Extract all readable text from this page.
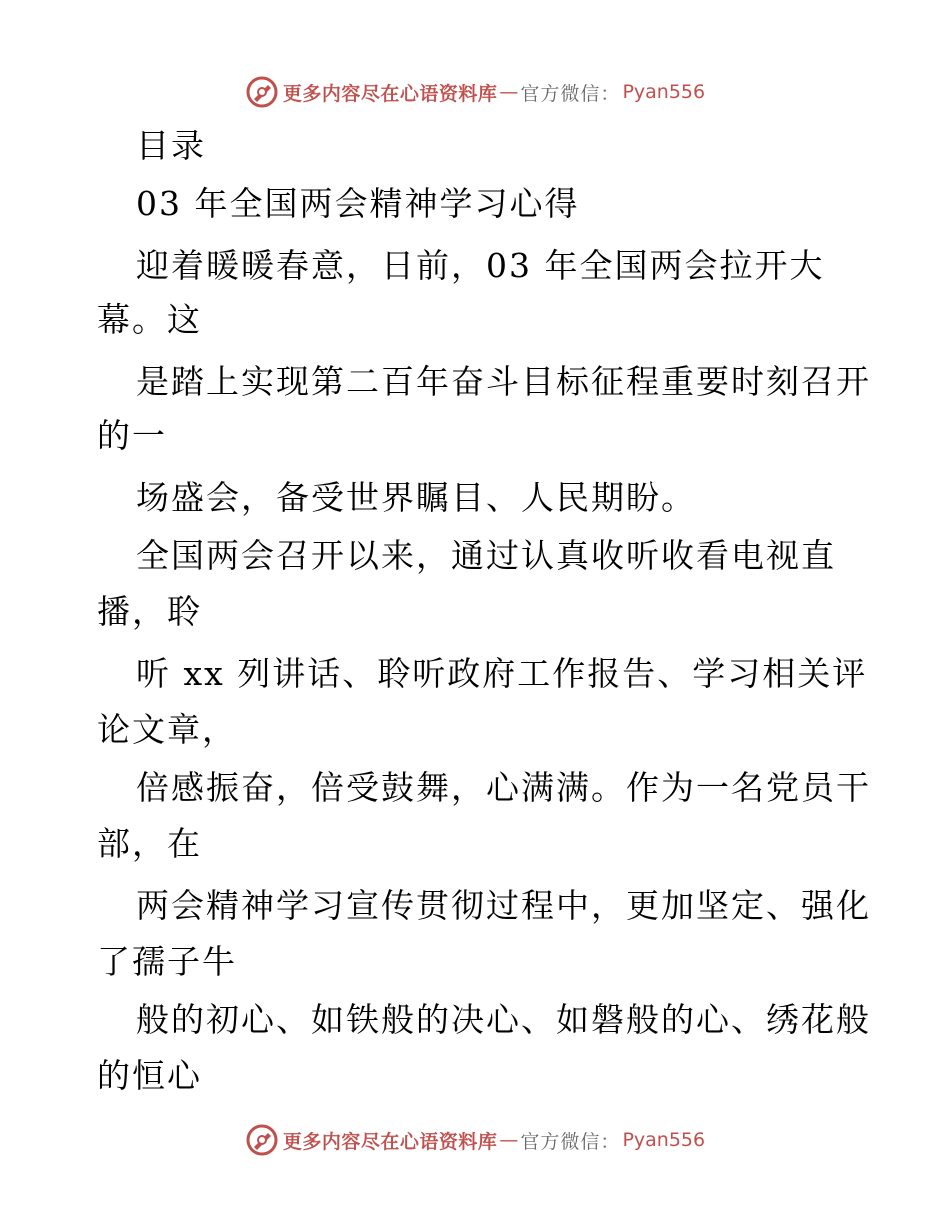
更多内容尽在心语资料库 — 官方微信： Pyan556
目录
03 年全国两会精神学习心得
迎着暖暖春意，日前，03 年全国两会拉开大
幕。这
是踏上实现第二百年奋斗目标征程重要时刻召开
的一
场盛会，备受世界瞩目、人民期盼。
全国两会召开以来，通过认真收听收看电视直
播，聆
听 xx 列讲话、聆听政府工作报告、学习相关评
论文章，
倍感振奋，倍受鼓舞，心满满。作为一名党员干
部，在
两会精神学习宣传贯彻过程中，更加坚定、强化
了孺子牛
般的初心、如铁般的决心、如磐般的心、绣花般
的恒心
更多内容尽在心语资料库 — 官方微信： Pyan556
